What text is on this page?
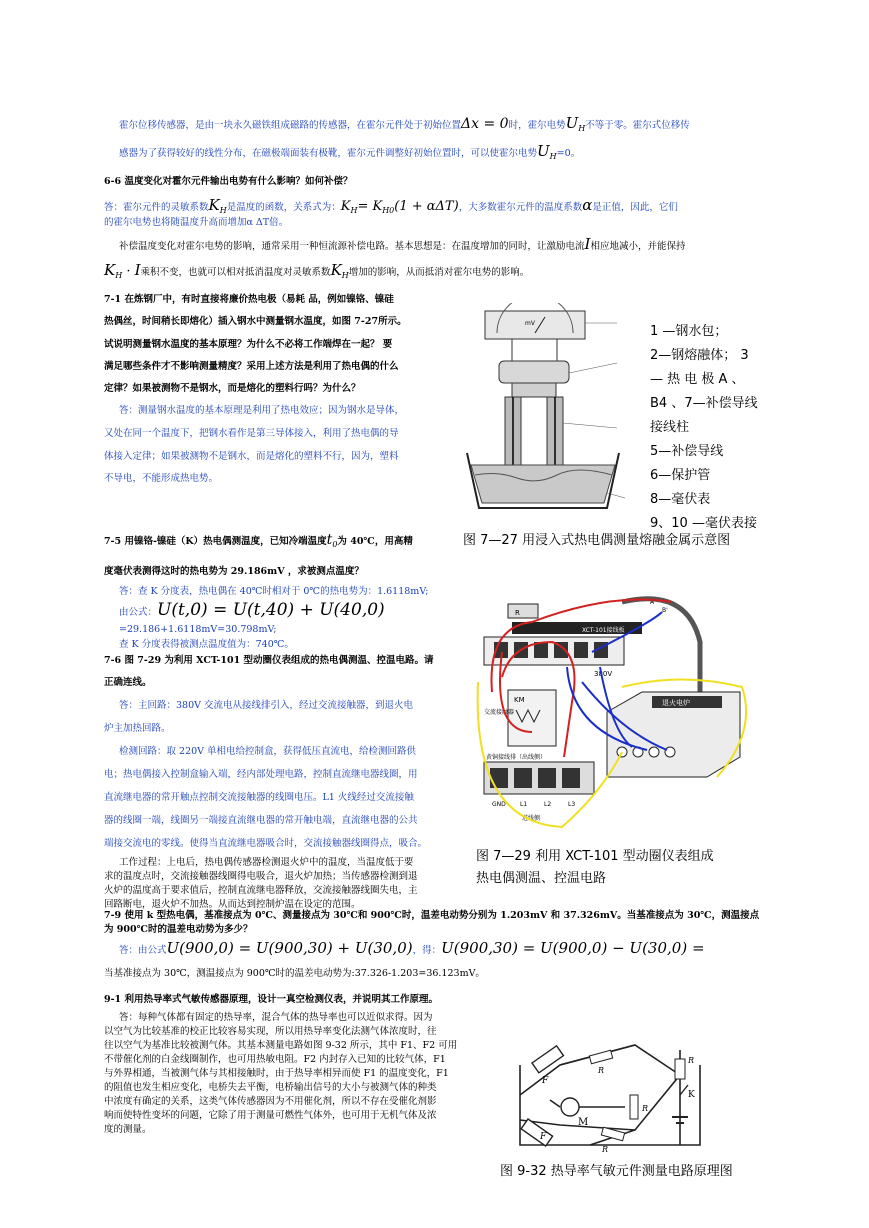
霍尔位移传感器，是由一块永久磁铁组成磁路的传感器，在霍尔元件处于初始位置Δx = 0时，霍尔电势$U_H$不等于零。霍尔式位移传
感器为了获得较好的线性分布，在磁极端面装有极靴，霍尔元件调整好初始位置时，可以使霍尔电势$U_H=0$。
6-6 温度变化对霍尔元件输出电势有什么影响？如何补偿？
答：霍尔元件的灵敏系数$K_H$是温度的函数，关系式为：$K_H= K_{H0}(1 + \alpha\Delta T)$，大多数霍尔元件的温度系数α是正值，因此，它们
的霍尔电势也将随温度升高而增加α ΔT倍。
补偿温度变化对霍尔电势的影响，通常采用一种恒流源补偿电路。基本思想是：在温度增加的同时，让激励电流I相应地减小，并能保持
$K_H \cdot I$乘积不变，也就可以相对抵消温度对灵敏系数$K_H$增加的影响，从而抵消对霍尔电势的影响。
7-1 在炼钢厂中，有时直接将廉价热电极（易耗 品，例如镍铬、镍硅
热偶丝，时间稍长即熔化）插入钢水中测量钢水温度，如图 7-27所示。
试说明测量钢水温度的基本原理？为什么不必将工作端焊在一起？ 要
满足哪些条件才不影响测量精度？采用上述方法是利用了热电偶的什么
定律？如果被测物不是钢水，而是熔化的塑料行吗？为什么？
答：测量钢水温度的基本原理是利用了热电效应；因为钢水是导体，
又处在同一个温度下，把钢水看作是第三导体接入，利用了热电偶的导
体接入定律；如果被测物不是钢水，而是熔化的塑料不行，因为，塑料
不导电，不能形成热电势。
mV
1 —钢水包；
2—钢熔融体； 3
— 热 电 极 A 、
B4 、7—补偿导线
接线柱
5—补偿导线
6—保护管
8—毫伏表
9、10 —毫伏表接
图 7—27 用浸入式热电偶测量熔融金属示意图
7-5 用镍铬-镍硅（K）热电偶测温度，已知冷端温度$t_0$为 40℃，用高精
度毫伏表测得这时的热电势为 29.186mV ，求被测点温度？
答：查 K 分度表，热电偶在 40℃时相对于 0℃的热电势为：1.6118mV;
由公式：U(t,0) = U(t,40) + U(40,0)
=29.186+1.6118mV=30.798mV;
查 K 分度表得被测点温度值为：740℃。
7-6 图 7-29 为利用 XCT-101 型动圈仪表组成的热电偶测温、控温电路。请
正确连线。
答：主回路：380V 交流电从接线排引入，经过交流接触器，到退火电
炉主加热回路。
检测回路：取 220V 单相电给控制盒，获得低压直流电，给检测回路供
电；热电偶接入控制盒输入端，经内部处理电路，控制直流继电器线圈，用
直流继电器的常开触点控制交流接触器的线圈电压。L1 火线经过交流接触
器的线圈一端，线圈另一端接直流继电器的常开触电端，直流继电器的公共
端接交流电的零线。使得当直流继电器吸合时，交流接触器线圈得点，吸合。
工作过程：上电后，热电偶传感器检测退火炉中的温度，当温度低于要
求的温度点时，交流接触器线圈得电吸合，退火炉加热；当传感器检测到退
火炉的温度高于要求值后，控制直流继电器释放，交流接触器线圈失电，主
回路断电，退火炉不加热。从而达到控制炉温在设定的范围。
R
XCT-101接线板
A'
B'
380V
KM
交流接触器
黄铜接线排（出线侧）
GND L1	L2	L3
进线侧
退火电炉
图 7—29 利用 XCT-101 型动圈仪表组成
热电偶测温、控温电路
7-9 使用 k 型热电偶，基准接点为 0℃、测量接点为 30℃和 900℃时，温差电动势分别为 1.203mV 和 37.326mV。当基准接点为 30℃，测温接点
为 900℃时的温差电动势为多少？
答：由公式U(900,0) = U(900,30) + U(30,0)，得：U(900,30) = U(900,0) − U(30,0) =
当基准接点为 30℃，测温接点为 900℃时的温差电动势为:37.326-1.203=36.123mV。
9-1 利用热导率式气敏传感器原理，设计一真空检测仪表，并说明其工作原理。
答：每种气体都有固定的热导率，混合气体的热导率也可以近似求得。因为
以空气为比较基准的校正比较容易实现，所以用热导率变化法测气体浓度时，往
往以空气为基准比较被测气体。其基本测量电路如图 9-32 所示，其中 F1、F2 可用
不带催化剂的白金线圈制作，也可用热敏电阻。F2 内封存入已知的比较气体，F1
与外界相通，当被测气体与其相接触时，由于热导率相异而使 F1 的温度变化，F1
的阻值也发生相应变化，电桥失去平衡，电桥输出信号的大小与被测气体的种类
中浓度有确定的关系，这类气体传感器因为不用催化剂，所以不存在受催化剂影
响而使特性变坏的问题，它除了用于测量可燃性气体外，也可用于无机气体及浓
度的测量。
F
F
M
R
R
R
R
K
图 9-32 热导率气敏元件测量电路原理图
